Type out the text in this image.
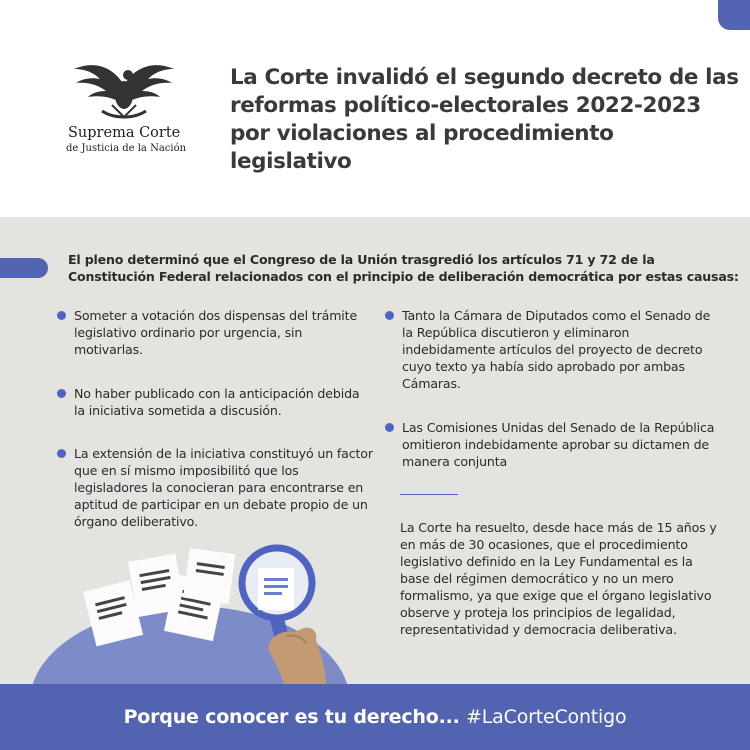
Suprema Corte
de Justicia de la Nación
La Corte invalidó el segundo decreto de las reformas político-electorales 2022-2023 por violaciones al procedimiento legislativo
El pleno determinó que el Congreso de la Unión trasgredió los artículos 71 y 72 de la Constitución Federal relacionados con el principio de deliberación democrática por estas causas:
Someter a votación dos dispensas del trámite legislativo ordinario por urgencia, sin motivarlas.
No haber publicado con la anticipación debida la iniciativa sometida a discusión.
La extensión de la iniciativa constituyó un factor que en sí mismo imposibilitó que los legisladores la conocieran para encontrarse en aptitud de participar en un debate propio de un órgano deliberativo.
Tanto la Cámara de Diputados como el Senado de la República discutieron y eliminaron indebidamente artículos del proyecto de decreto cuyo texto ya había sido aprobado por ambas Cámaras.
Las Comisiones Unidas del Senado de la República omitieron indebidamente aprobar su dictamen de manera conjunta
La Corte ha resuelto, desde hace más de 15 años y en más de 30 ocasiones, que el procedimiento legislativo definido en la Ley Fundamental es la base del régimen democrático y no un mero formalismo, ya que exige que el órgano legislativo observe y proteja los principios de legalidad, representatividad y democracia deliberativa.
Porque conocer es tu derecho... #LaCorteContigo
